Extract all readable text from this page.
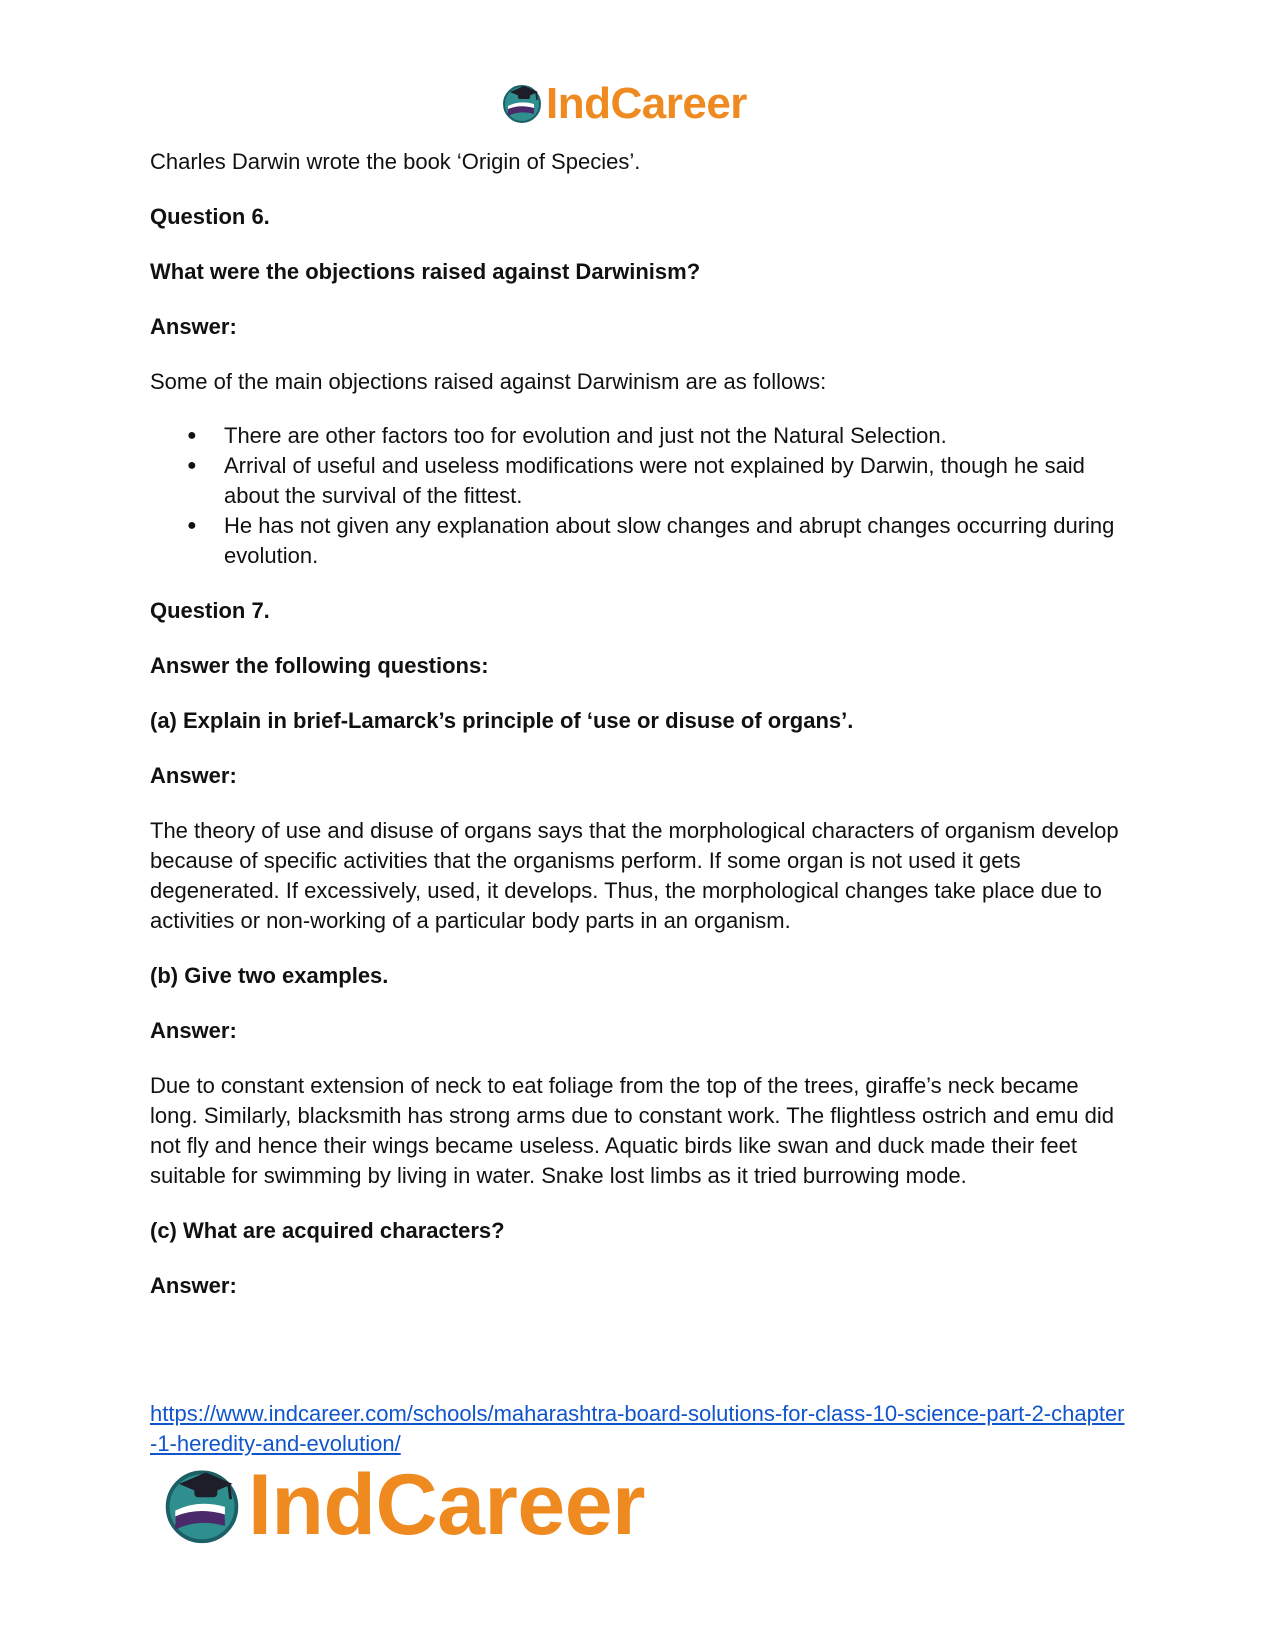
IndCareer

Charles Darwin wrote the book ‘Origin of Species’.

Question 6.

What were the objections raised against Darwinism?

Answer:

Some of the main objections raised against Darwinism are as follows:

● There are other factors too for evolution and just not the Natural Selection.
● Arrival of useful and useless modifications were not explained by Darwin, though he said about the survival of the fittest.
● He has not given any explanation about slow changes and abrupt changes occurring during evolution.

Question 7.

Answer the following questions:

(a) Explain in brief-Lamarck’s principle of ‘use or disuse of organs’.

Answer:

The theory of use and disuse of organs says that the morphological characters of organism develop because of specific activities that the organisms perform. If some organ is not used it gets degenerated. If excessively, used, it develops. Thus, the morphological changes take place due to activities or non-working of a particular body parts in an organism.

(b) Give two examples.

Answer:

Due to constant extension of neck to eat foliage from the top of the trees, giraffe’s neck became long. Similarly, blacksmith has strong arms due to constant work. The flightless ostrich and emu did not fly and hence their wings became useless. Aquatic birds like swan and duck made their feet suitable for swimming by living in water. Snake lost limbs as it tried burrowing mode.

(c) What are acquired characters?

Answer:

https://www.indcareer.com/schools/maharashtra-board-solutions-for-class-10-science-part-2-chapter-1-heredity-and-evolution/
IndCareer
